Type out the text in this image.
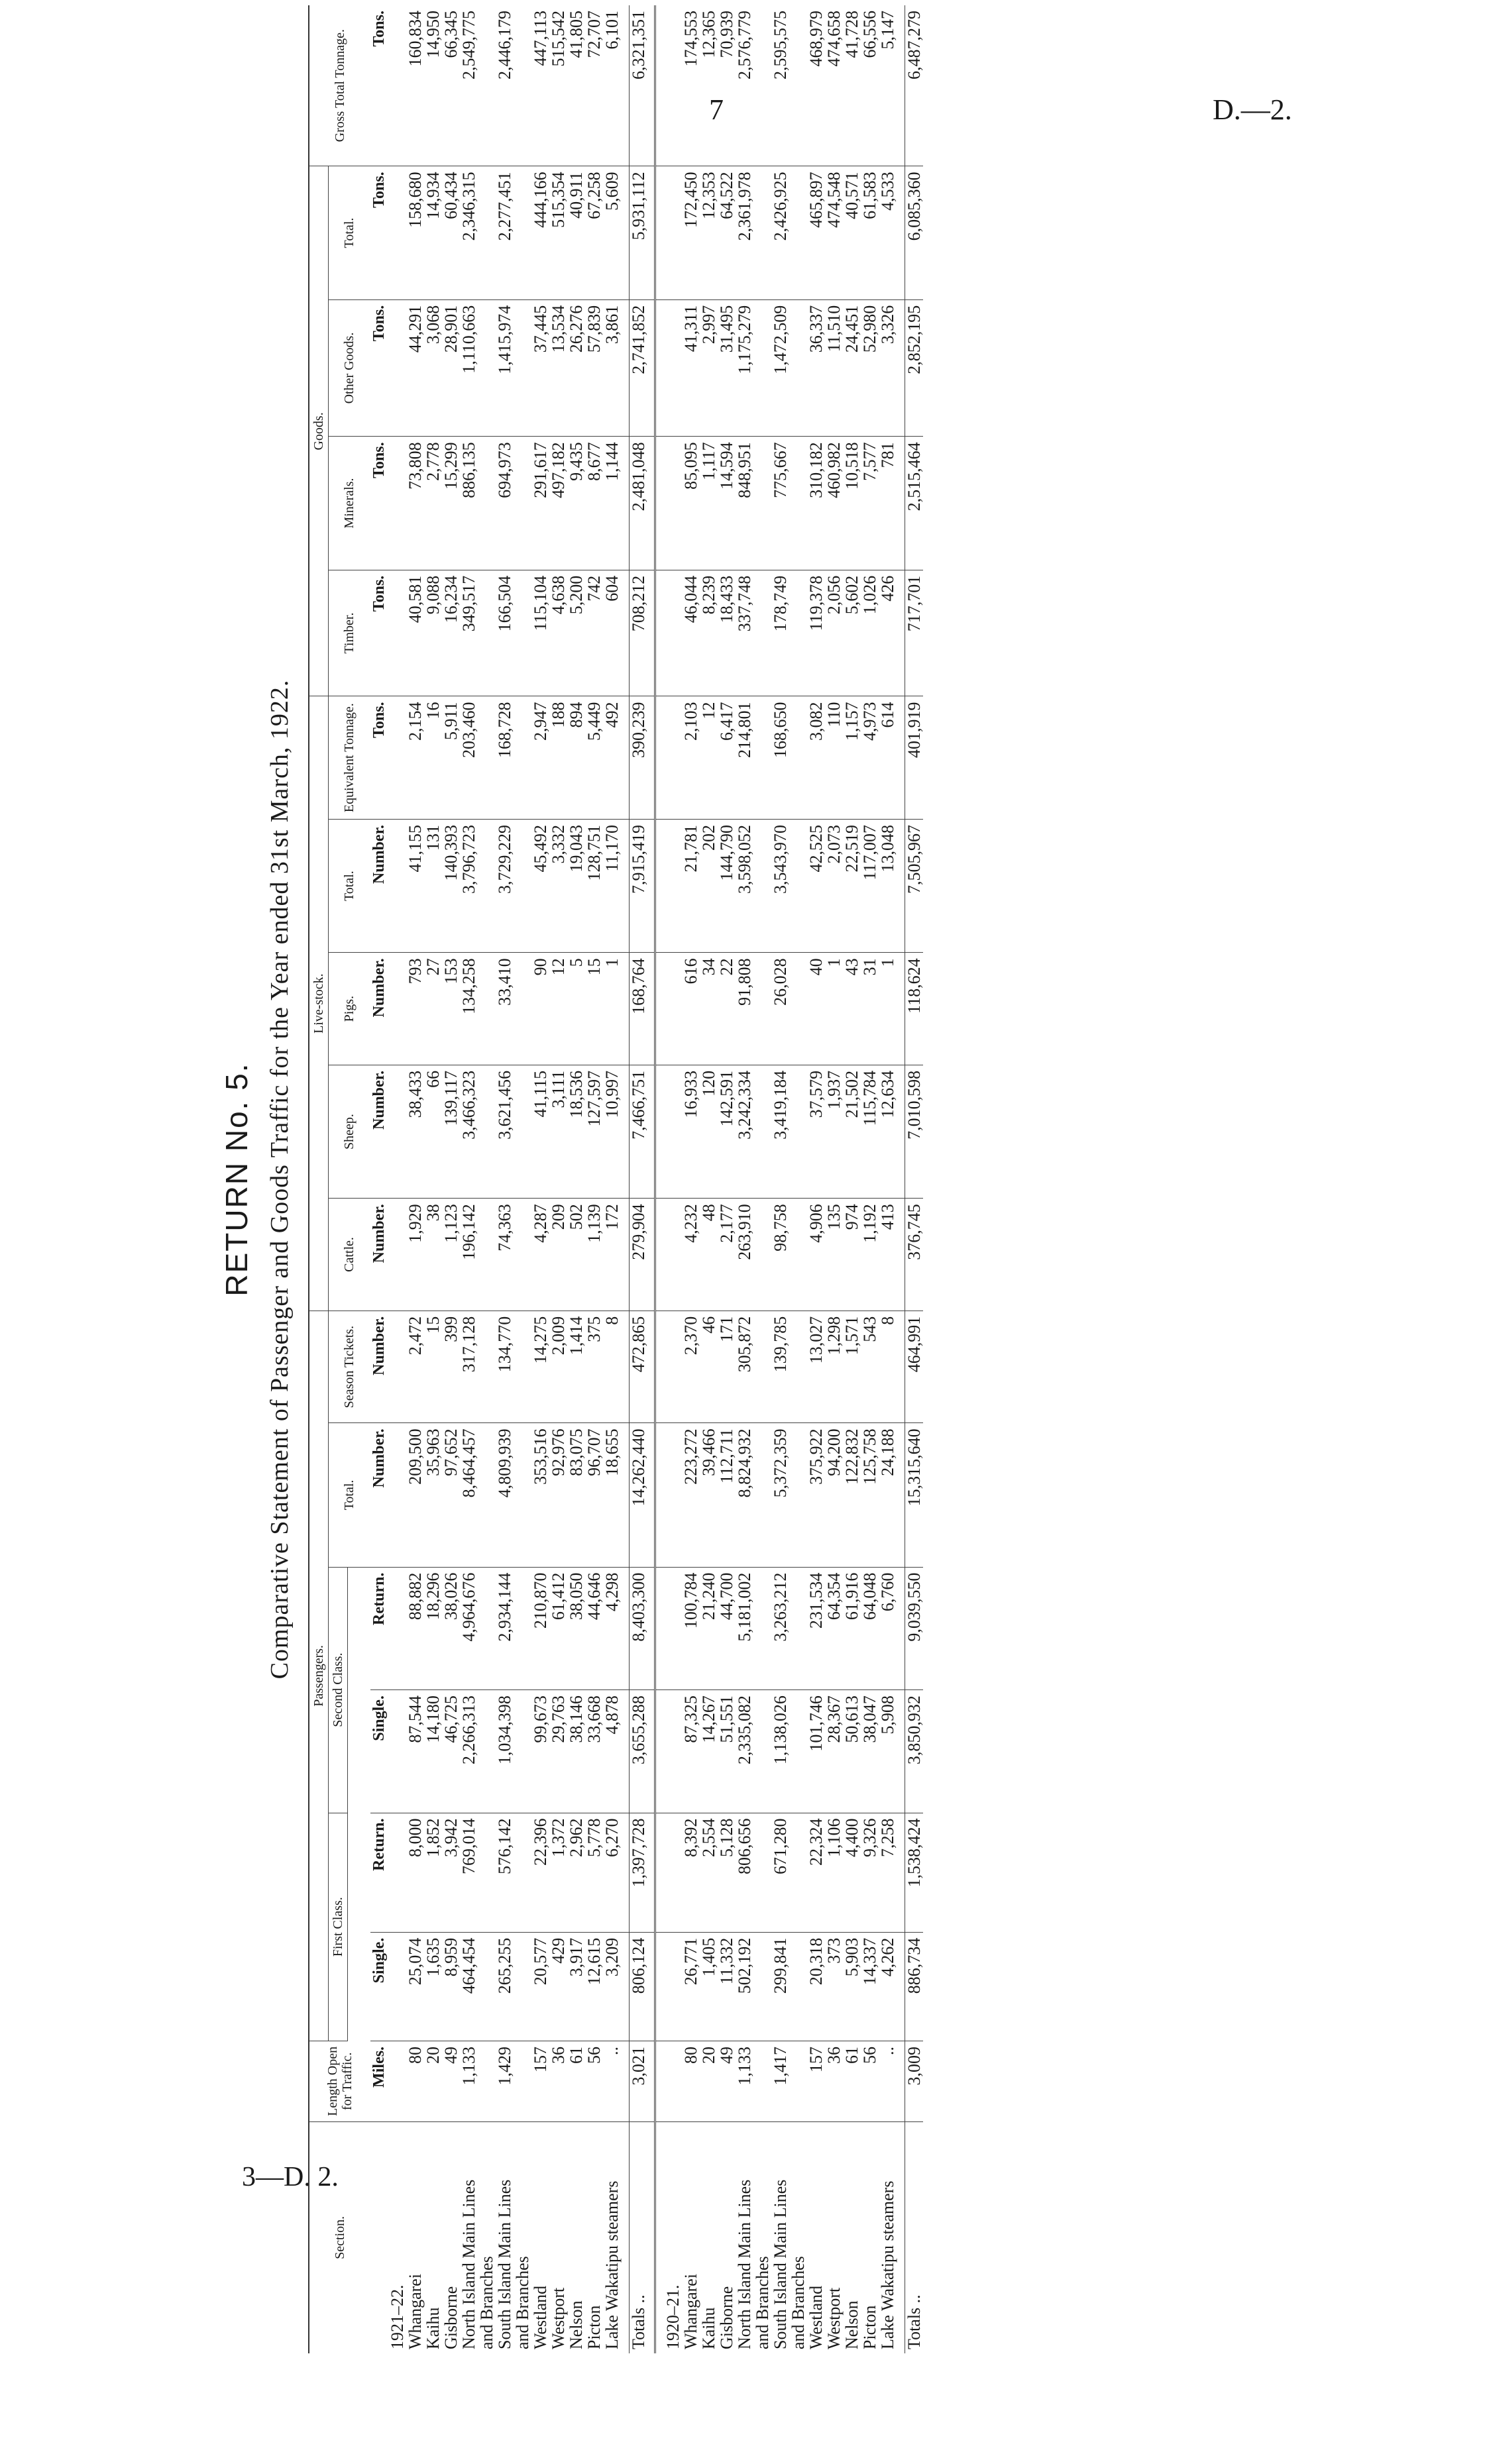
7	D.—2.
3—D. 2.
RETURN No. 5. Comparative Statement of Passenger and Goods Traffic for the Year ended 31st March, 1922.
Section.	Length Open for Traffic.	Passengers.						Live-stock.					Goods.				Gross Total Tonnage.
		First Class.		Second Class.		Total.	Season Tickets.	Cattle.	Sheep.	Pigs.	Total.	Equivalent Tonnage.	Timber.	Minerals.	Other Goods.	Total.	

	Miles.	Single.	Return.	Single.	Return.	Number.	Number.	Number.	Number.	Number.	Number.	Tons.	Tons.	Tons.	Tons.	Tons.	Tons.
1921–22.																	
Whangarei	80	25,074	8,000	87,544	88,882	209,500	2,472	1,929	38,433	793	41,155	2,154	40,581	73,808	44,291	158,680	160,834
Kaihu	20	1,635	1,852	14,180	18,296	35,963	15	38	66	27	131	16	9,088	2,778	3,068	14,934	14,950
Gisborne	49	8,959	3,942	46,725	38,026	97,652	399	1,123	139,117	153	140,393	5,911	16,234	15,299	28,901	60,434	66,345
North Island Main Lines	1,133	464,454	769,014	2,266,313	4,964,676	8,464,457	317,128	196,142	3,466,323	134,258	3,796,723	203,460	349,517	886,135	1,110,663	2,346,315	2,549,775
and Branches																	
South Island Main Lines	1,429	265,255	576,142	1,034,398	2,934,144	4,809,939	134,770	74,363	3,621,456	33,410	3,729,229	168,728	166,504	694,973	1,415,974	2,277,451	2,446,179
and Branches																	
Westland	157	20,577	22,396	99,673	210,870	353,516	14,275	4,287	41,115	90	45,492	2,947	115,104	291,617	37,445	444,166	447,113
Westport	36	429	1,372	29,763	61,412	92,976	2,009	209	3,111	12	3,332	188	4,638	497,182	13,534	515,354	515,542
Nelson	61	3,917	2,962	38,146	38,050	83,075	1,414	502	18,536	5	19,043	894	5,200	9,435	26,276	40,911	41,805
Picton	56	12,615	5,778	33,668	44,646	96,707	375	1,139	127,597	15	128,751	5,449	742	8,677	57,839	67,258	72,707
Lake Wakatipu steamers	..	3,209	6,270	4,878	4,298	18,655	8	172	10,997	1	11,170	492	604	1,144	3,861	5,609	6,101

Totals ..	3,021	806,124	1,397,728	3,655,288	8,403,300	14,262,440	472,865	279,904	7,466,751	168,764	7,915,419	390,239	708,212	2,481,048	2,741,852	5,931,112	6,321,351

1920–21.																	
Whangarei	80	26,771	8,392	87,325	100,784	223,272	2,370	4,232	16,933	616	21,781	2,103	46,044	85,095	41,311	172,450	174,553
Kaihu	20	1,405	2,554	14,267	21,240	39,466	46	48	120	34	202	12	8,239	1,117	2,997	12,353	12,365
Gisborne	49	11,332	5,128	51,551	44,700	112,711	171	2,177	142,591	22	144,790	6,417	18,433	14,594	31,495	64,522	70,939
North Island Main Lines	1,133	502,192	806,656	2,335,082	5,181,002	8,824,932	305,872	263,910	3,242,334	91,808	3,598,052	214,801	337,748	848,951	1,175,279	2,361,978	2,576,779
and Branches																	
South Island Main Lines	1,417	299,841	671,280	1,138,026	3,263,212	5,372,359	139,785	98,758	3,419,184	26,028	3,543,970	168,650	178,749	775,667	1,472,509	2,426,925	2,595,575
and Branches																	
Westland	157	20,318	22,324	101,746	231,534	375,922	13,027	4,906	37,579	40	42,525	3,082	119,378	310,182	36,337	465,897	468,979
Westport	36	373	1,106	28,367	64,354	94,200	1,298	135	1,937	1	2,073	110	2,056	460,982	11,510	474,548	474,658
Nelson	61	5,903	4,400	50,613	61,916	122,832	1,571	974	21,502	43	22,519	1,157	5,602	10,518	24,451	40,571	41,728
Picton	56	14,337	9,326	38,047	64,048	125,758	543	1,192	115,784	31	117,007	4,973	1,026	7,577	52,980	61,583	66,556
Lake Wakatipu steamers	..	4,262	7,258	5,908	6,760	24,188	8	413	12,634	1	13,048	614	426	781	3,326	4,533	5,147

Totals ..	3,009	886,734	1,538,424	3,850,932	9,039,550	15,315,640	464,991	376,745	7,010,598	118,624	7,505,967	401,919	717,701	2,515,464	2,852,195	6,085,360	6,487,279
